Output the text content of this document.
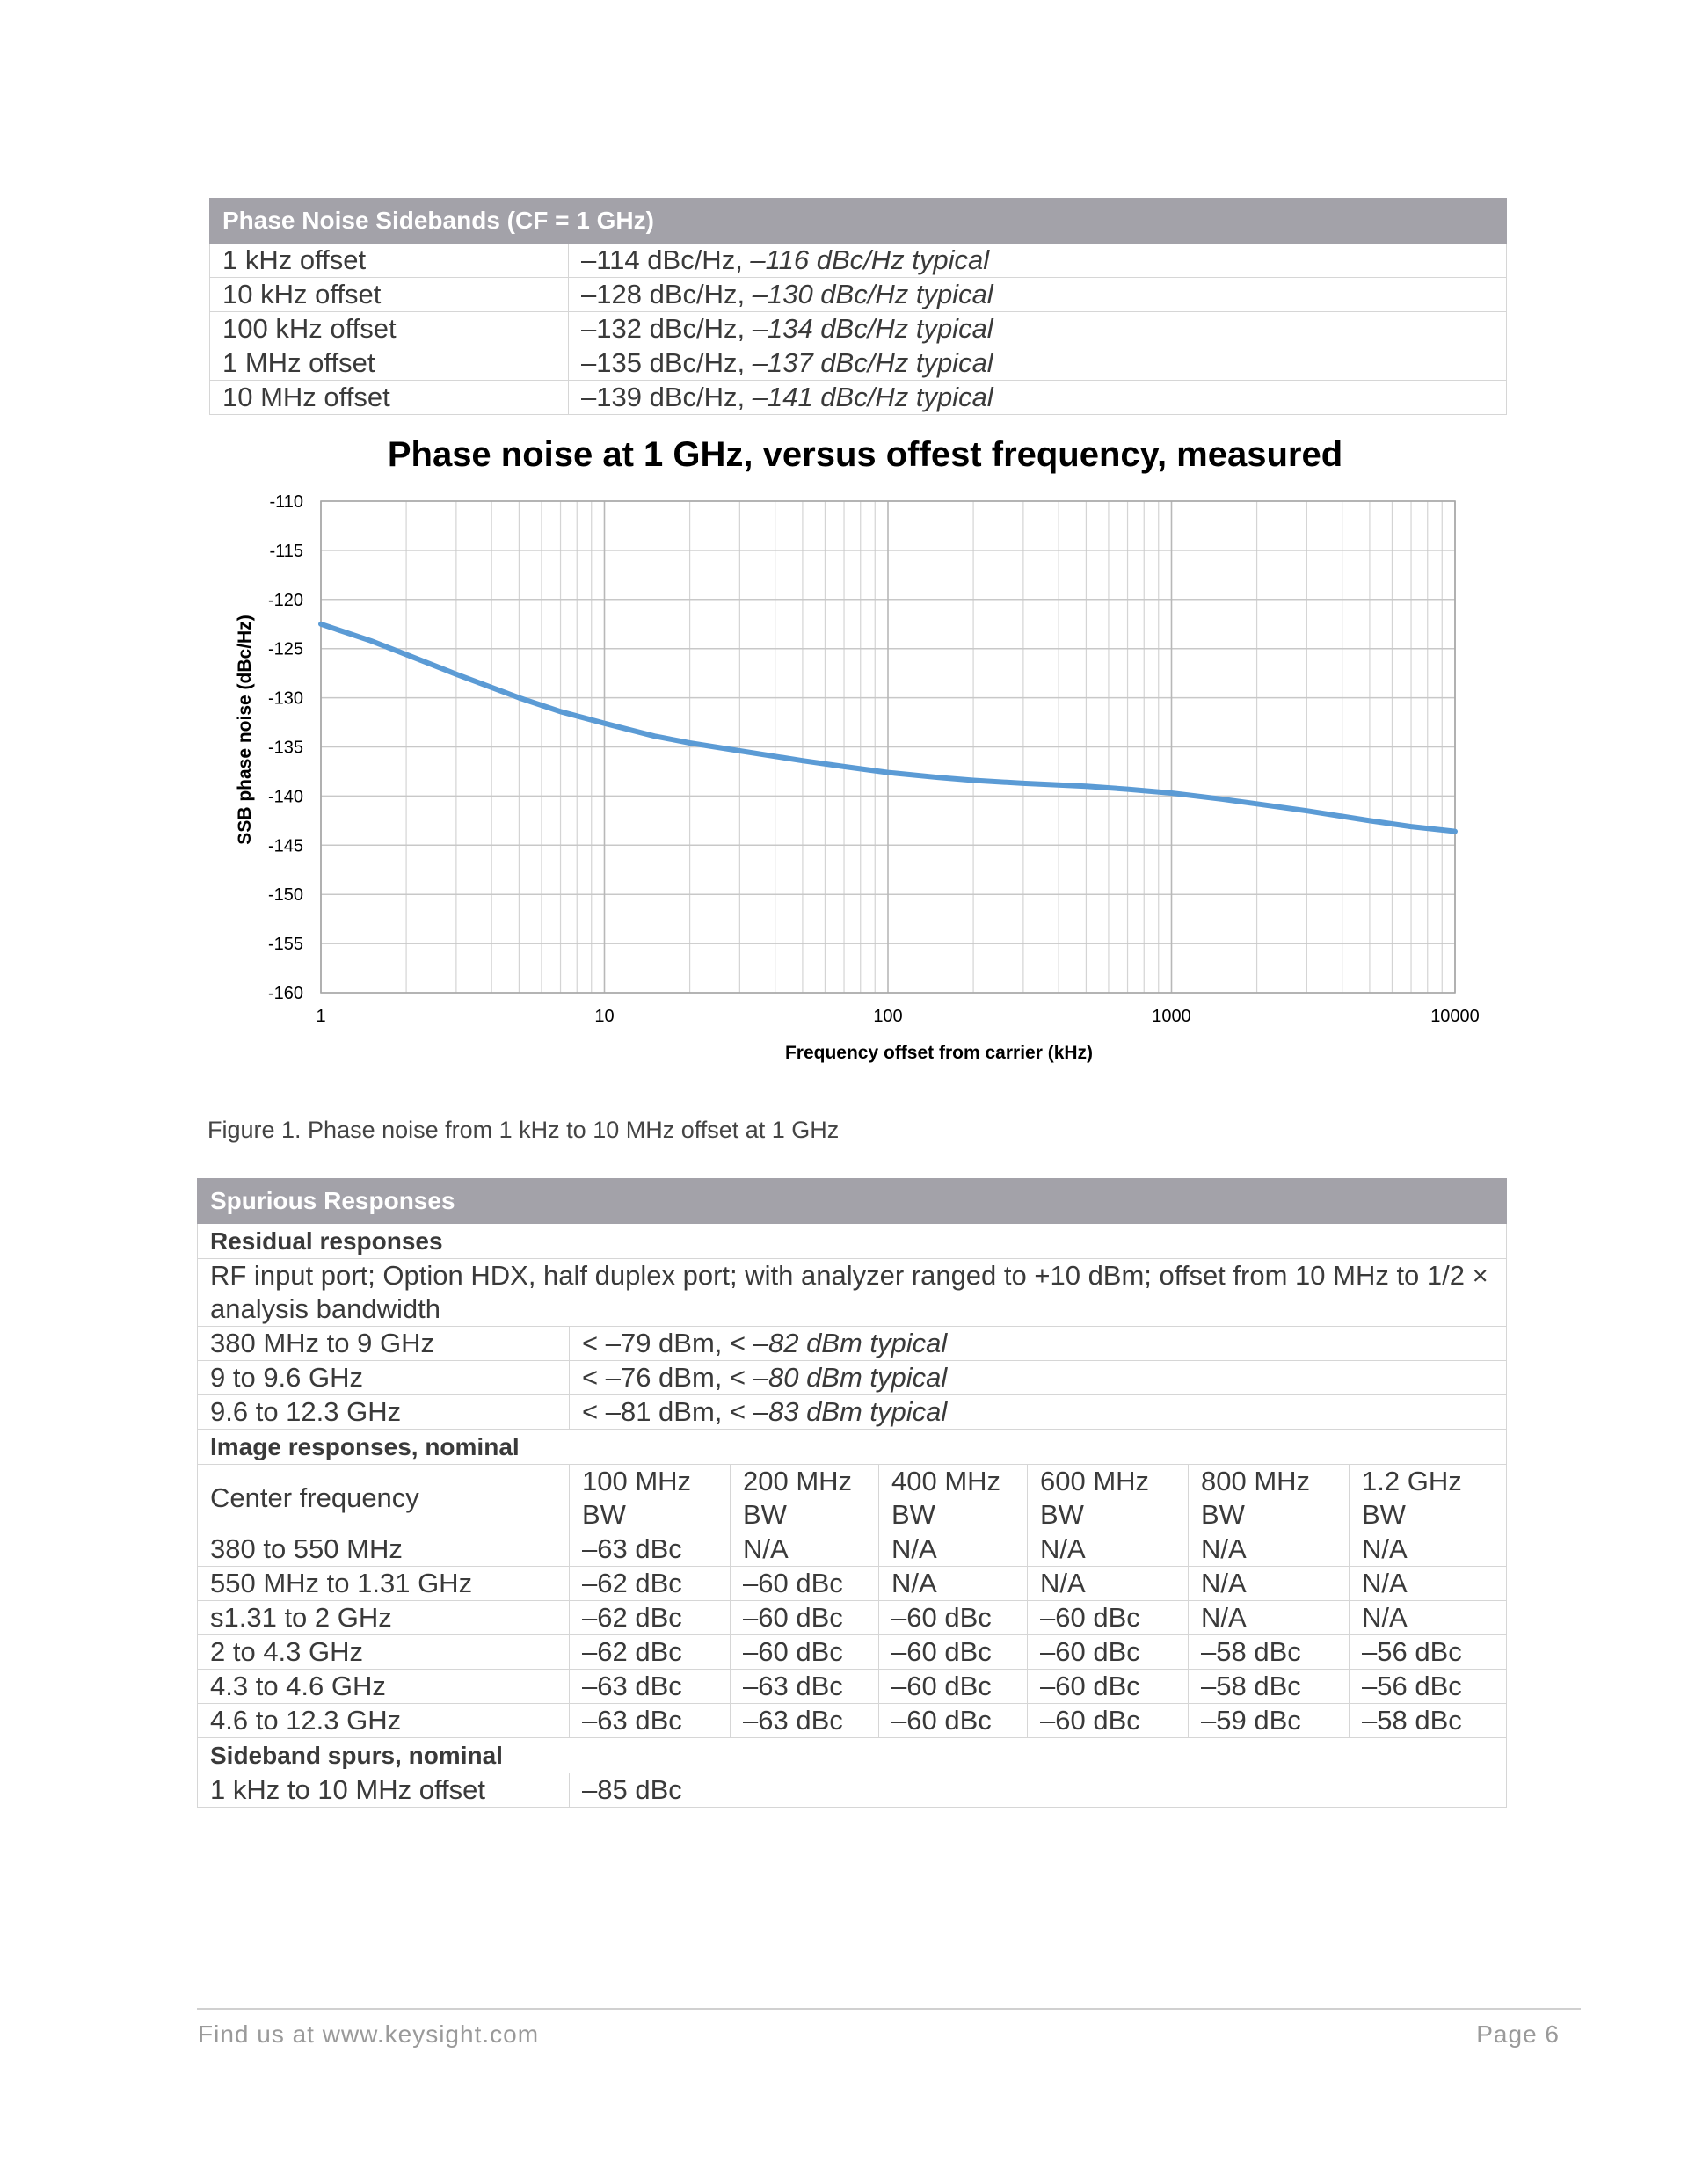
Phase Noise Sidebands (CF = 1 GHz)	
1 kHz offset	–114 dBc/Hz, –116 dBc/Hz typical
10 kHz offset	–128 dBc/Hz, –130 dBc/Hz typical
100 kHz offset	–132 dBc/Hz, –134 dBc/Hz typical
1 MHz offset	–135 dBc/Hz, –137 dBc/Hz typical
10 MHz offset	–139 dBc/Hz, –141 dBc/Hz typical
-110
-115
-120
-125
-130
-135
-140
-145
-150
-155
-160
1	10	100	1000	10000
Phase noise at 1 GHz, versus offest frequency, measured
Frequency offset from carrier (kHz)
SSB phase noise (dBc/Hz)
Figure 1. Phase noise from 1 kHz to 10 MHz offset at 1 GHz
Spurious Responses						
Residual responses						
RF input port; Option HDX, half duplex port; with analyzer ranged to +10 dBm; offset from 10 MHz to 1/2 × analysis bandwidth						
380 MHz to 9 GHz	< –79 dBm, < –82 dBm typical					
9 to 9.6 GHz	< –76 dBm, < –80 dBm typical					
9.6 to 12.3 GHz	< –81 dBm, < –83 dBm typical					
Image responses, nominal						
Center frequency	100 MHz BW	200 MHz BW	400 MHz BW	600 MHz BW	800 MHz BW	1.2 GHz BW
380 to 550 MHz	–63 dBc	N/A	N/A	N/A	N/A	N/A
550 MHz to 1.31 GHz	–62 dBc	–60 dBc	N/A	N/A	N/A	N/A
s1.31 to 2 GHz	–62 dBc	–60 dBc	–60 dBc	–60 dBc	N/A	N/A
2 to 4.3 GHz	–62 dBc	–60 dBc	–60 dBc	–60 dBc	–58 dBc	–56 dBc
4.3 to 4.6 GHz	–63 dBc	–63 dBc	–60 dBc	–60 dBc	–58 dBc	–56 dBc
4.6 to 12.3 GHz	–63 dBc	–63 dBc	–60 dBc	–60 dBc	–59 dBc	–58 dBc
Sideband spurs, nominal						
1 kHz to 10 MHz offset	–85 dBc					
Find us at www.keysight.com	Page 6
